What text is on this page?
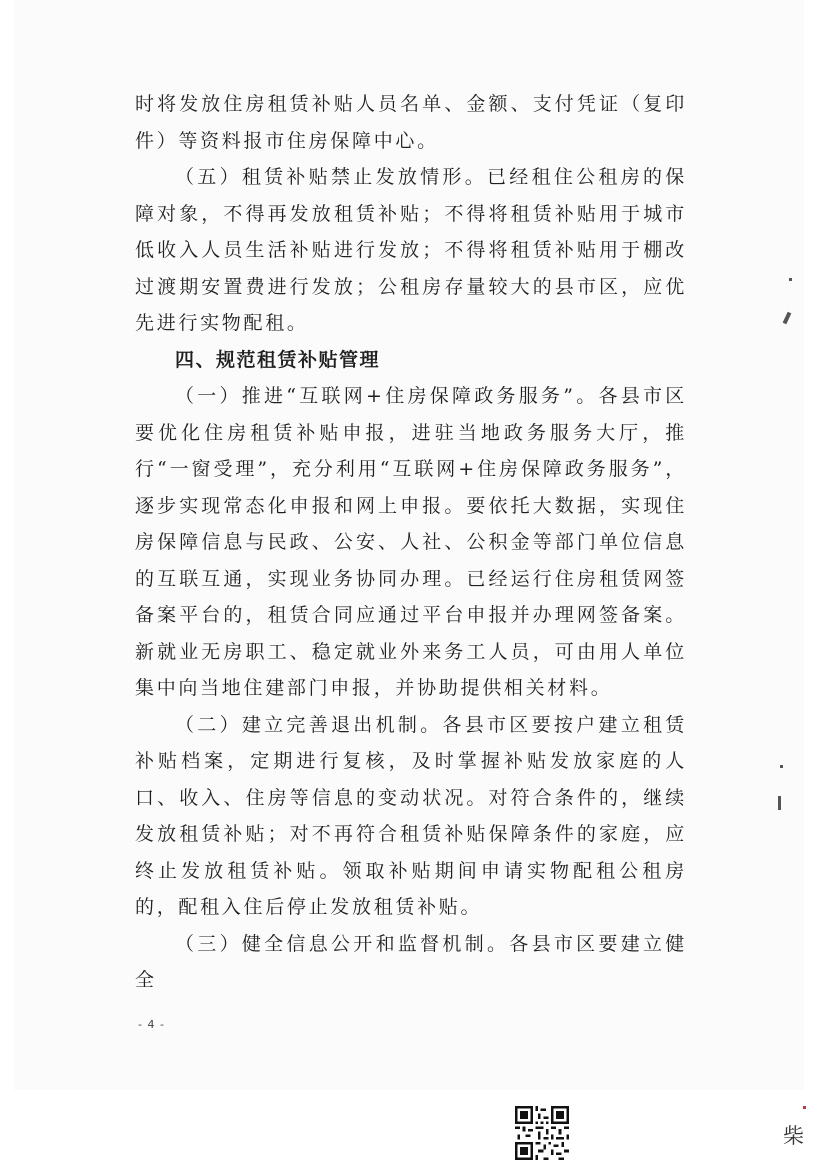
时将发放住房租赁补贴人员名单、金额、支付凭证（复印件）等资料报市住房保障中心。

（五）租赁补贴禁止发放情形。已经租住公租房的保障对象，不得再发放租赁补贴；不得将租赁补贴用于城市低收入人员生活补贴进行发放；不得将租赁补贴用于棚改过渡期安置费进行发放；公租房存量较大的县市区，应优先进行实物配租。

四、规范租赁补贴管理

（一）推进“互联网+住房保障政务服务”。各县市区要优化住房租赁补贴申报，进驻当地政务服务大厅，推行“一窗受理”，充分利用“互联网+住房保障政务服务”，逐步实现常态化申报和网上申报。要依托大数据，实现住房保障信息与民政、公安、人社、公积金等部门单位信息的互联互通，实现业务协同办理。已经运行住房租赁网签备案平台的，租赁合同应通过平台申报并办理网签备案。新就业无房职工、稳定就业外来务工人员，可由用人单位集中向当地住建部门申报，并协助提供相关材料。

（二）建立完善退出机制。各县市区要按户建立租赁补贴档案，定期进行复核，及时掌握补贴发放家庭的人口、收入、住房等信息的变动状况。对符合条件的，继续发放租赁补贴；对不再符合租赁补贴保障条件的家庭，应终止发放租赁补贴。领取补贴期间申请实物配租公租房的，配租入住后停止发放租赁补贴。

（三）健全信息公开和监督机制。各县市区要建立健全

- 4 -
柴
